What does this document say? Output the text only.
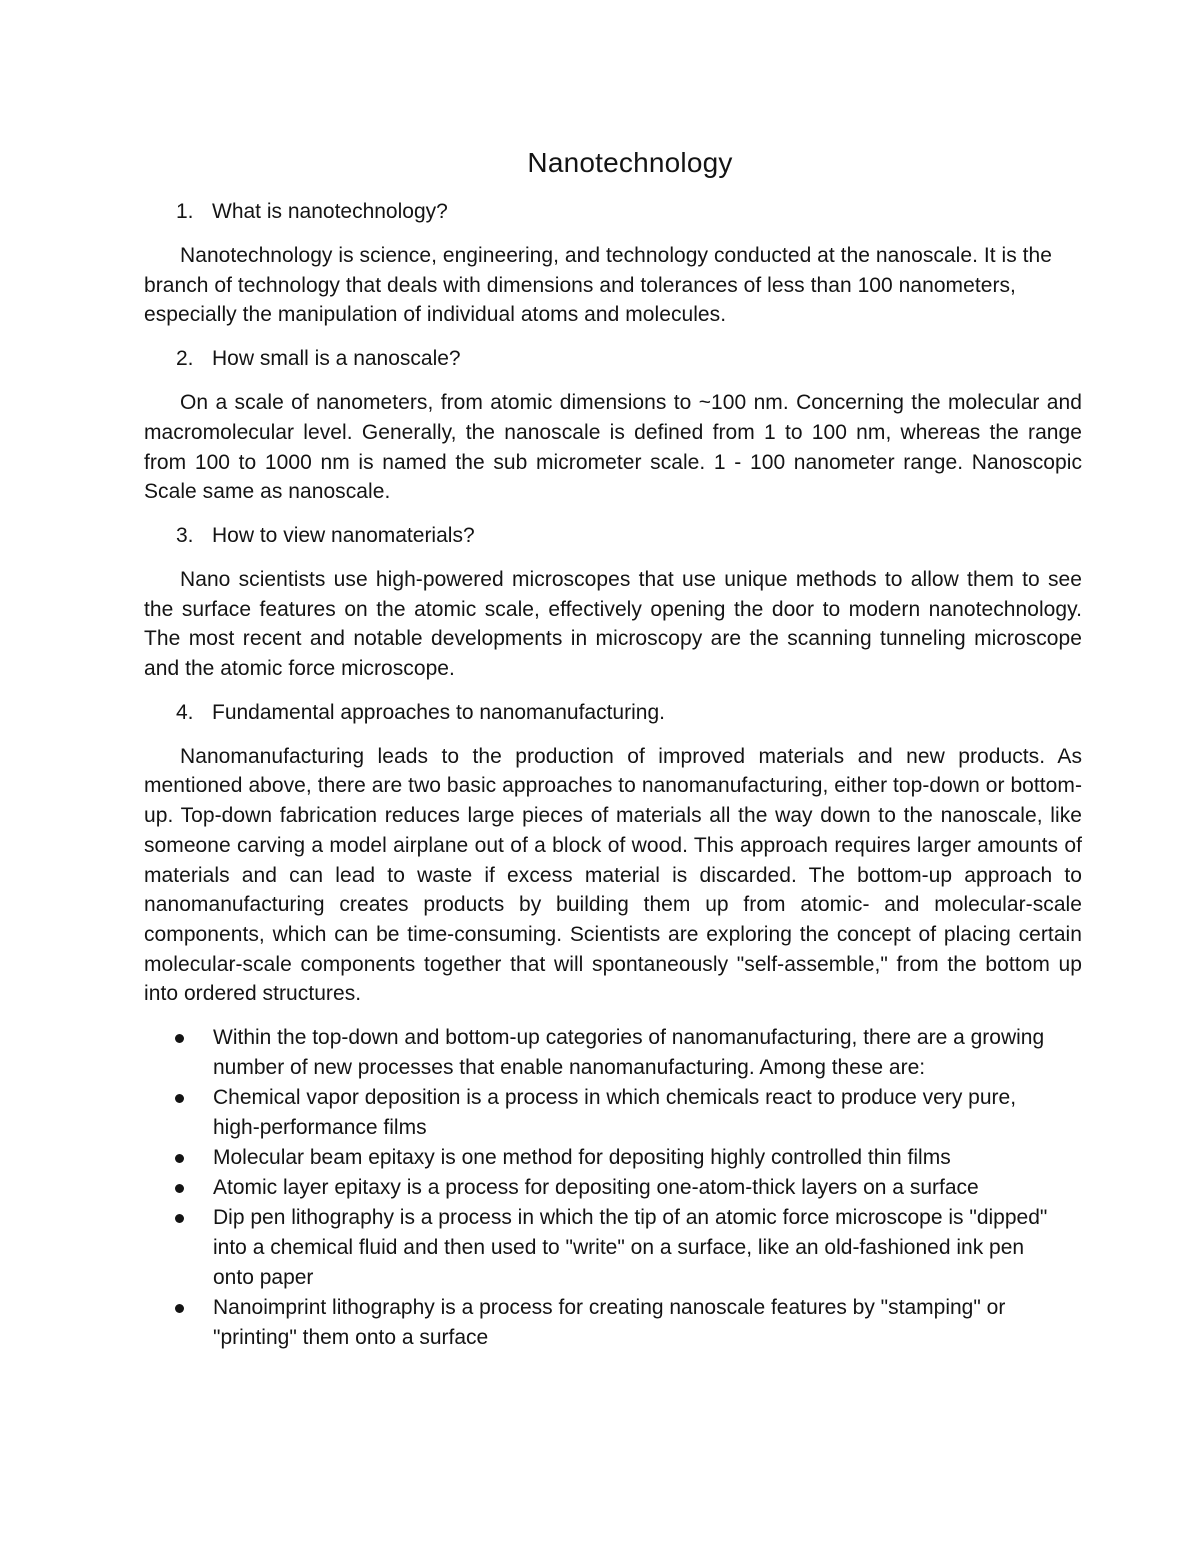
Nanotechnology
1. What is nanotechnology?

Nanotechnology is science, engineering, and technology conducted at the nanoscale. It is the branch of technology that deals with dimensions and tolerances of less than 100 nanometers, especially the manipulation of individual atoms and molecules.

2. How small is a nanoscale?

On a scale of nanometers, from atomic dimensions to ~100 nm. Concerning the molecular and macromolecular level. Generally, the nanoscale is defined from 1 to 100 nm, whereas the range from 100 to 1000 nm is named the sub micrometer scale. 1 - 100 nanometer range. Nanoscopic Scale same as nanoscale.

3. How to view nanomaterials?

Nano scientists use high-powered microscopes that use unique methods to allow them to see the surface features on the atomic scale, effectively opening the door to modern nanotechnology. The most recent and notable developments in microscopy are the scanning tunneling microscope and the atomic force microscope.

4. Fundamental approaches to nanomanufacturing.

Nanomanufacturing leads to the production of improved materials and new products. As mentioned above, there are two basic approaches to nanomanufacturing, either top-down or bottom-up. Top-down fabrication reduces large pieces of materials all the way down to the nanoscale, like someone carving a model airplane out of a block of wood. This approach requires larger amounts of materials and can lead to waste if excess material is discarded. The bottom-up approach to nanomanufacturing creates products by building them up from atomic- and molecular-scale components, which can be time-consuming. Scientists are exploring the concept of placing certain molecular-scale components together that will spontaneously "self-assemble," from the bottom up into ordered structures.

Within the top-down and bottom-up categories of nanomanufacturing, there are a growing number of new processes that enable nanomanufacturing. Among these are:
Chemical vapor deposition is a process in which chemicals react to produce very pure, high-performance films
Molecular beam epitaxy is one method for depositing highly controlled thin films
Atomic layer epitaxy is a process for depositing one-atom-thick layers on a surface
Dip pen lithography is a process in which the tip of an atomic force microscope is "dipped" into a chemical fluid and then used to "write" on a surface, like an old-fashioned ink pen onto paper
Nanoimprint lithography is a process for creating nanoscale features by "stamping" or "printing" them onto a surface
